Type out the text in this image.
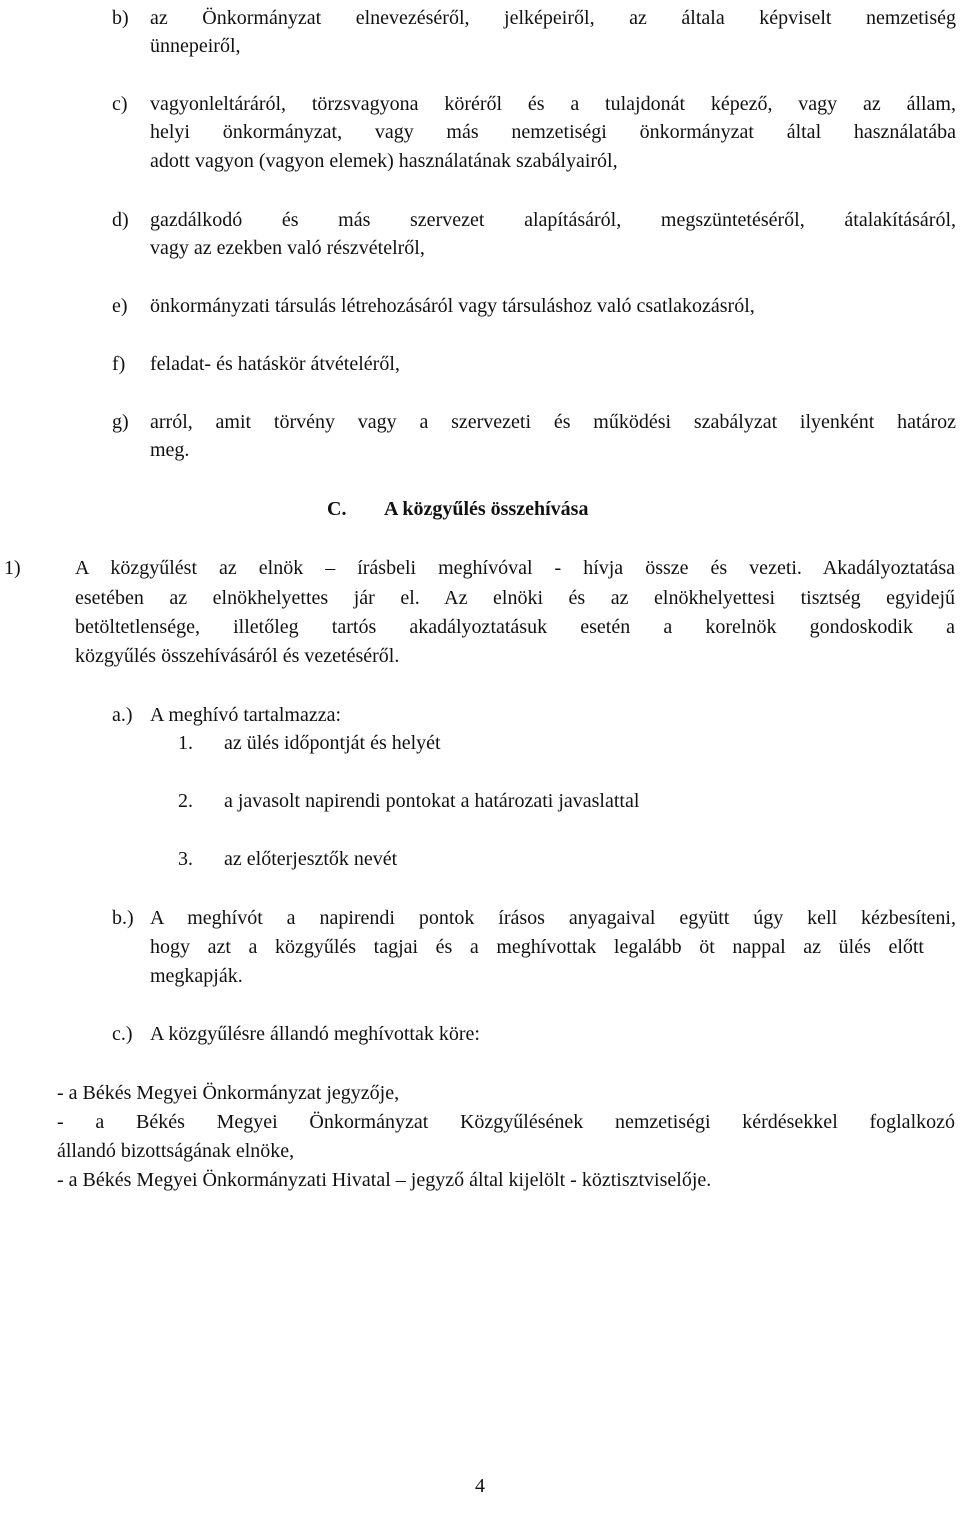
b) az Önkormányzat elnevezéséről, jelképeiről, az általa képviselt nemzetiség
ünnepeiről,
c) vagyonleltáráról, törzsvagyona köréről és a tulajdonát képező, vagy az állam,
helyi önkormányzat, vagy más nemzetiségi önkormányzat által használatába
adott vagyon (vagyon elemek) használatának szabályairól,
d) gazdálkodó és más szervezet alapításáról, megszüntetéséről, átalakításáról,
vagy az ezekben való részvételről,
e) önkormányzati társulás létrehozásáról vagy társuláshoz való csatlakozásról,
f) feladat- és hatáskör átvételéről,
g) arról, amit törvény vagy a szervezeti és működési szabályzat ilyenként határoz
meg.
C. A közgyűlés összehívása
1)	A közgyűlést az elnök – írásbeli meghívóval - hívja össze és vezeti. Akadályoztatása
esetében az elnökhelyettes jár el. Az elnöki és az elnökhelyettesi tisztség egyidejű
betöltetlensége, illetőleg tartós akadályoztatásuk esetén a korelnök gondoskodik a
közgyűlés összehívásáról és vezetéséről.
a.) A meghívó tartalmazza:
1. az ülés időpontját és helyét
2. a javasolt napirendi pontokat a határozati javaslattal
3. az előterjesztők nevét
b.) A meghívót a napirendi pontok írásos anyagaival együtt úgy kell kézbesíteni,
hogy azt a közgyűlés tagjai és a meghívottak legalább öt nappal az ülés előtt
megkapják.
c.) A közgyűlésre állandó meghívottak köre:
- a Békés Megyei Önkormányzat jegyzője,
- a Békés Megyei Önkormányzat Közgyűlésének nemzetiségi kérdésekkel foglalkozó
állandó bizottságának elnöke,
- a Békés Megyei Önkormányzati Hivatal – jegyző által kijelölt - köztisztviselője.
4
